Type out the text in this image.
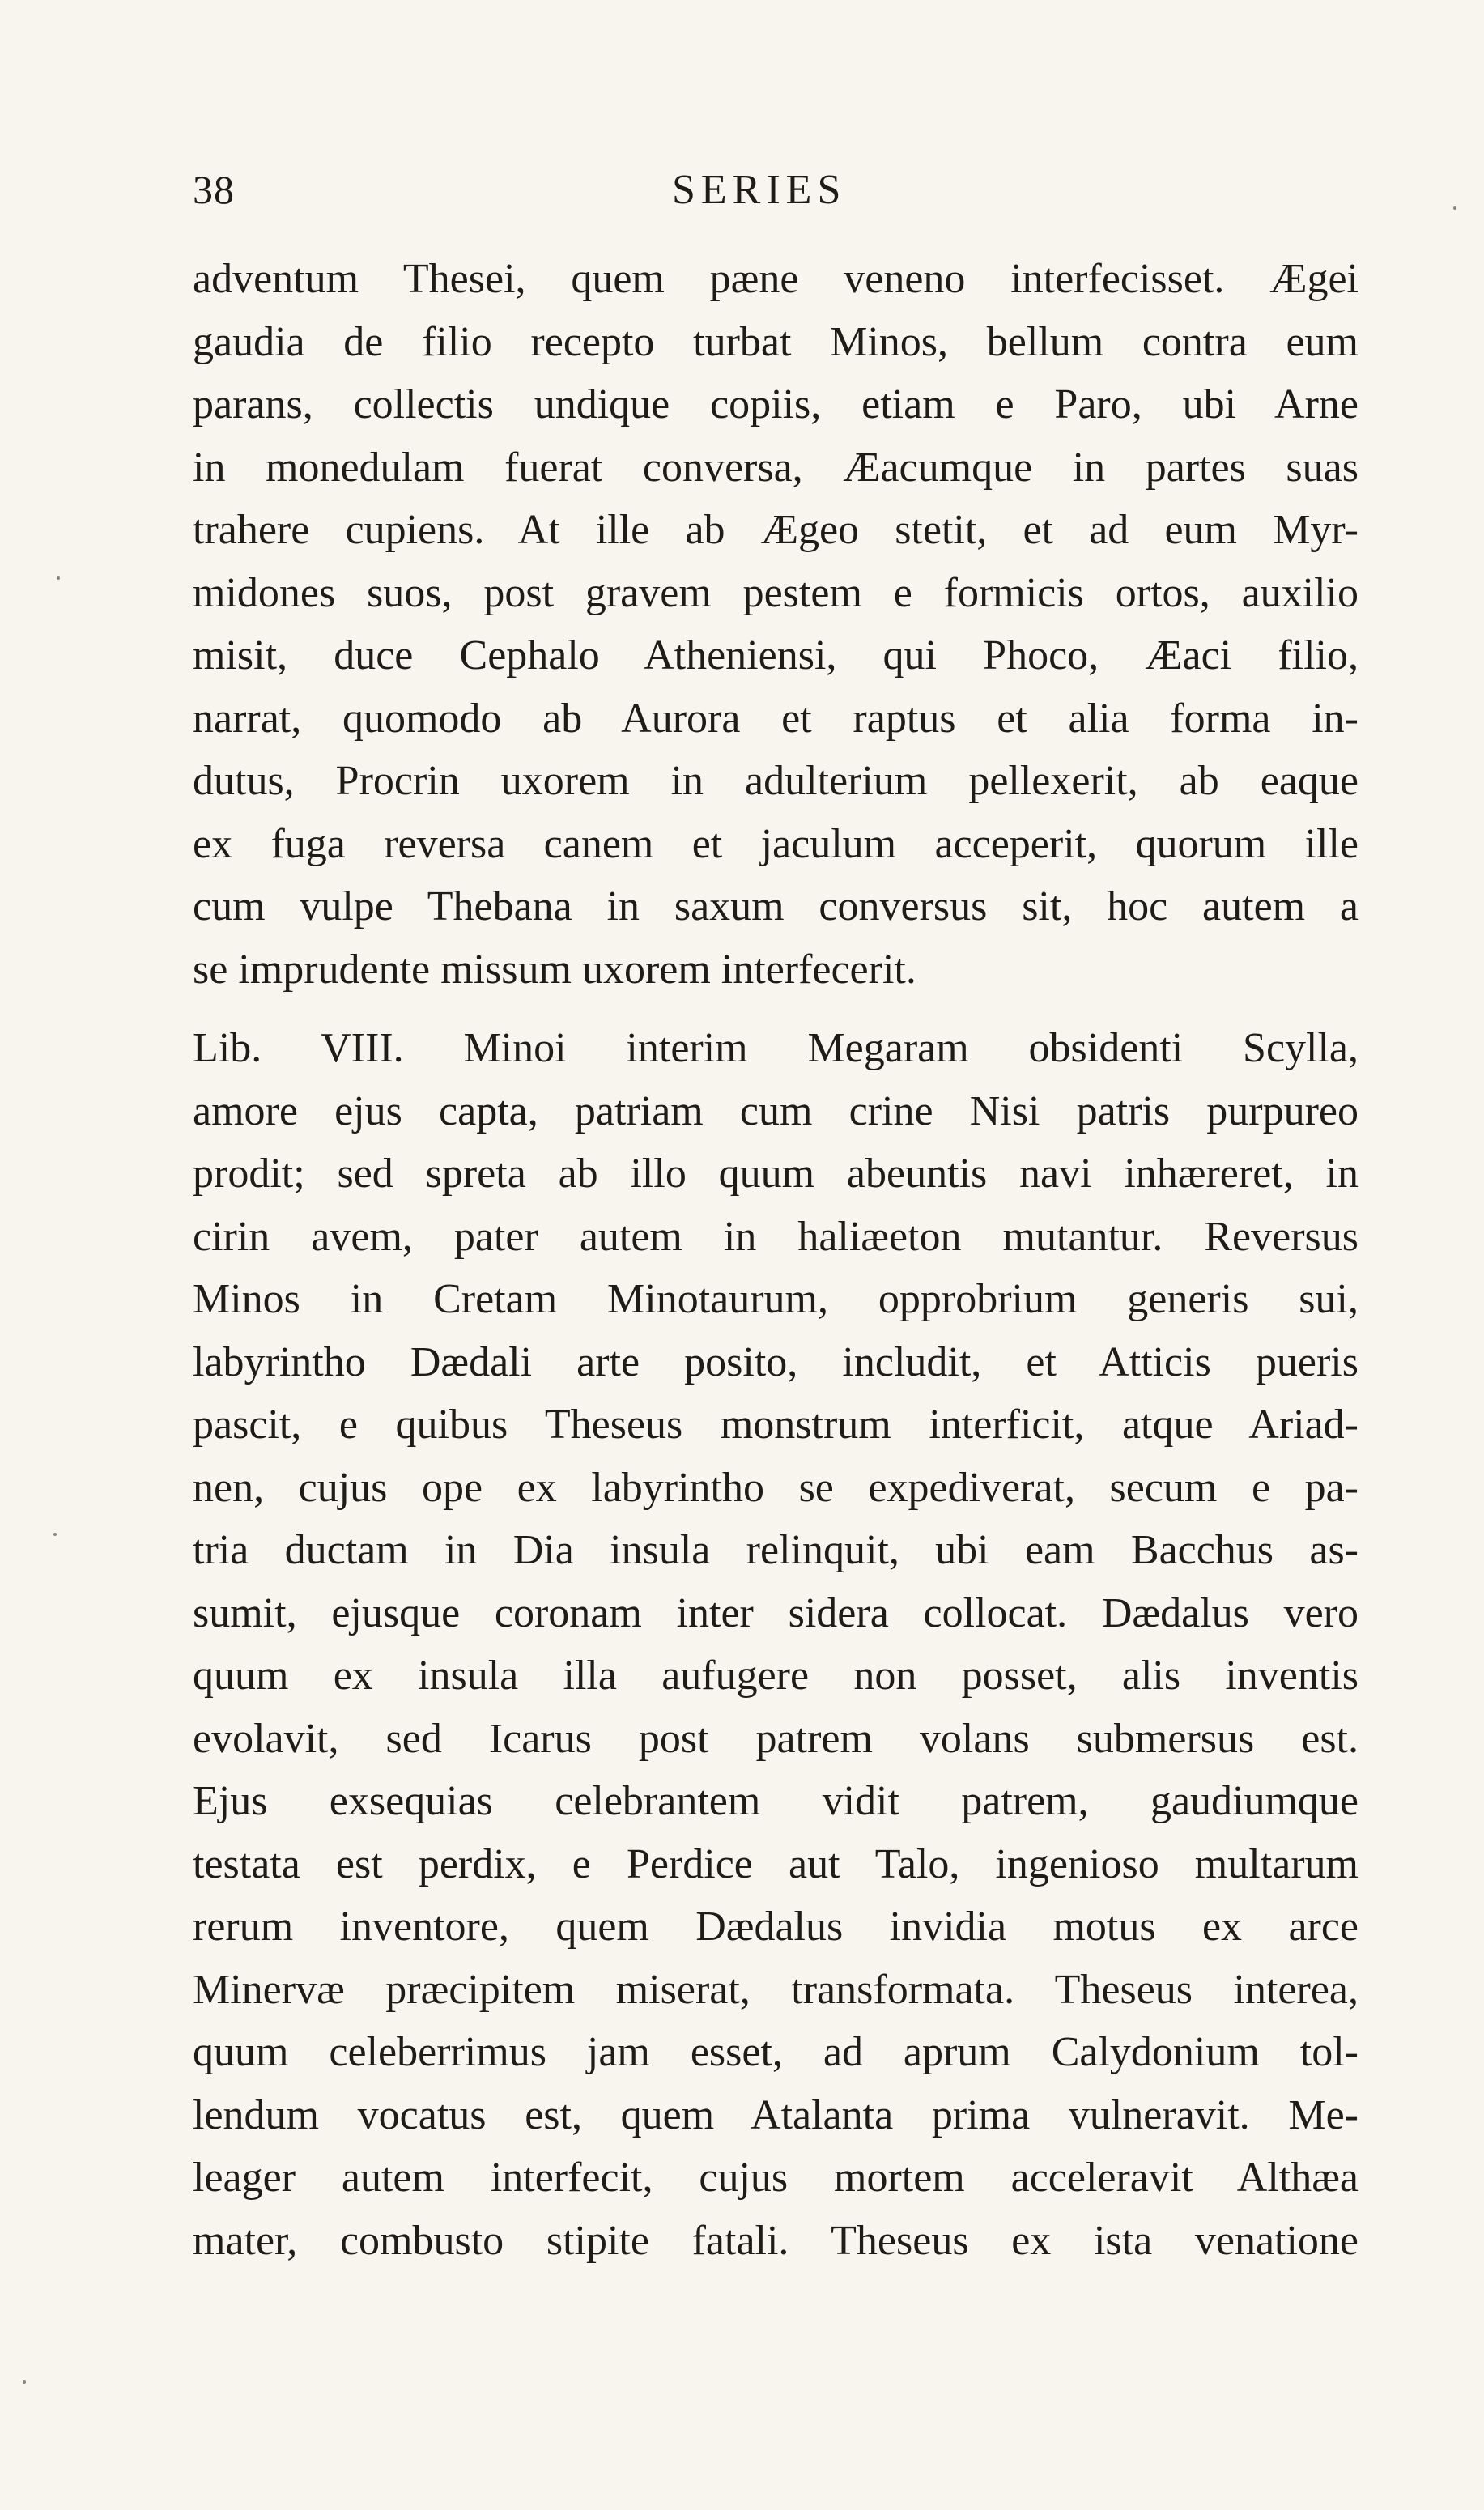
38	SERIES
adventum Thesei, quem pæne veneno interfecisset. Ægei
gaudia de filio recepto turbat Minos, bellum contra eum
parans, collectis undique copiis, etiam e Paro, ubi Arne
in monedulam fuerat conversa, Æacumque in partes suas
trahere cupiens. At ille ab Ægeo stetit, et ad eum Myr-
midones suos, post gravem pestem e formicis ortos, auxilio
misit, duce Cephalo Atheniensi, qui Phoco, Æaci filio,
narrat, quomodo ab Aurora et raptus et alia forma in-
dutus, Procrin uxorem in adulterium pellexerit, ab eaque
ex fuga reversa canem et jaculum acceperit, quorum ille
cum vulpe Thebana in saxum conversus sit, hoc autem a
se imprudente missum uxorem interfecerit.
Lib. VIII. Minoi interim Megaram obsidenti Scylla,
amore ejus capta, patriam cum crine Nisi patris purpureo
prodit; sed spreta ab illo quum abeuntis navi inhæreret, in
cirin avem, pater autem in haliæeton mutantur. Reversus
Minos in Cretam Minotaurum, opprobrium generis sui,
labyrintho Dædali arte posito, includit, et Atticis pueris
pascit, e quibus Theseus monstrum interficit, atque Ariad-
nen, cujus ope ex labyrintho se expediverat, secum e pa-
tria ductam in Dia insula relinquit, ubi eam Bacchus as-
sumit, ejusque coronam inter sidera collocat. Dædalus vero
quum ex insula illa aufugere non posset, alis inventis
evolavit, sed Icarus post patrem volans submersus est.
Ejus exsequias celebrantem vidit patrem, gaudiumque
testata est perdix, e Perdice aut Talo, ingenioso multarum
rerum inventore, quem Dædalus invidia motus ex arce
Minervæ præcipitem miserat, transformata. Theseus interea,
quum celeberrimus jam esset, ad aprum Calydonium tol-
lendum vocatus est, quem Atalanta prima vulneravit. Me-
leager autem interfecit, cujus mortem acceleravit Althæa
mater, combusto stipite fatali. Theseus ex ista venatione
